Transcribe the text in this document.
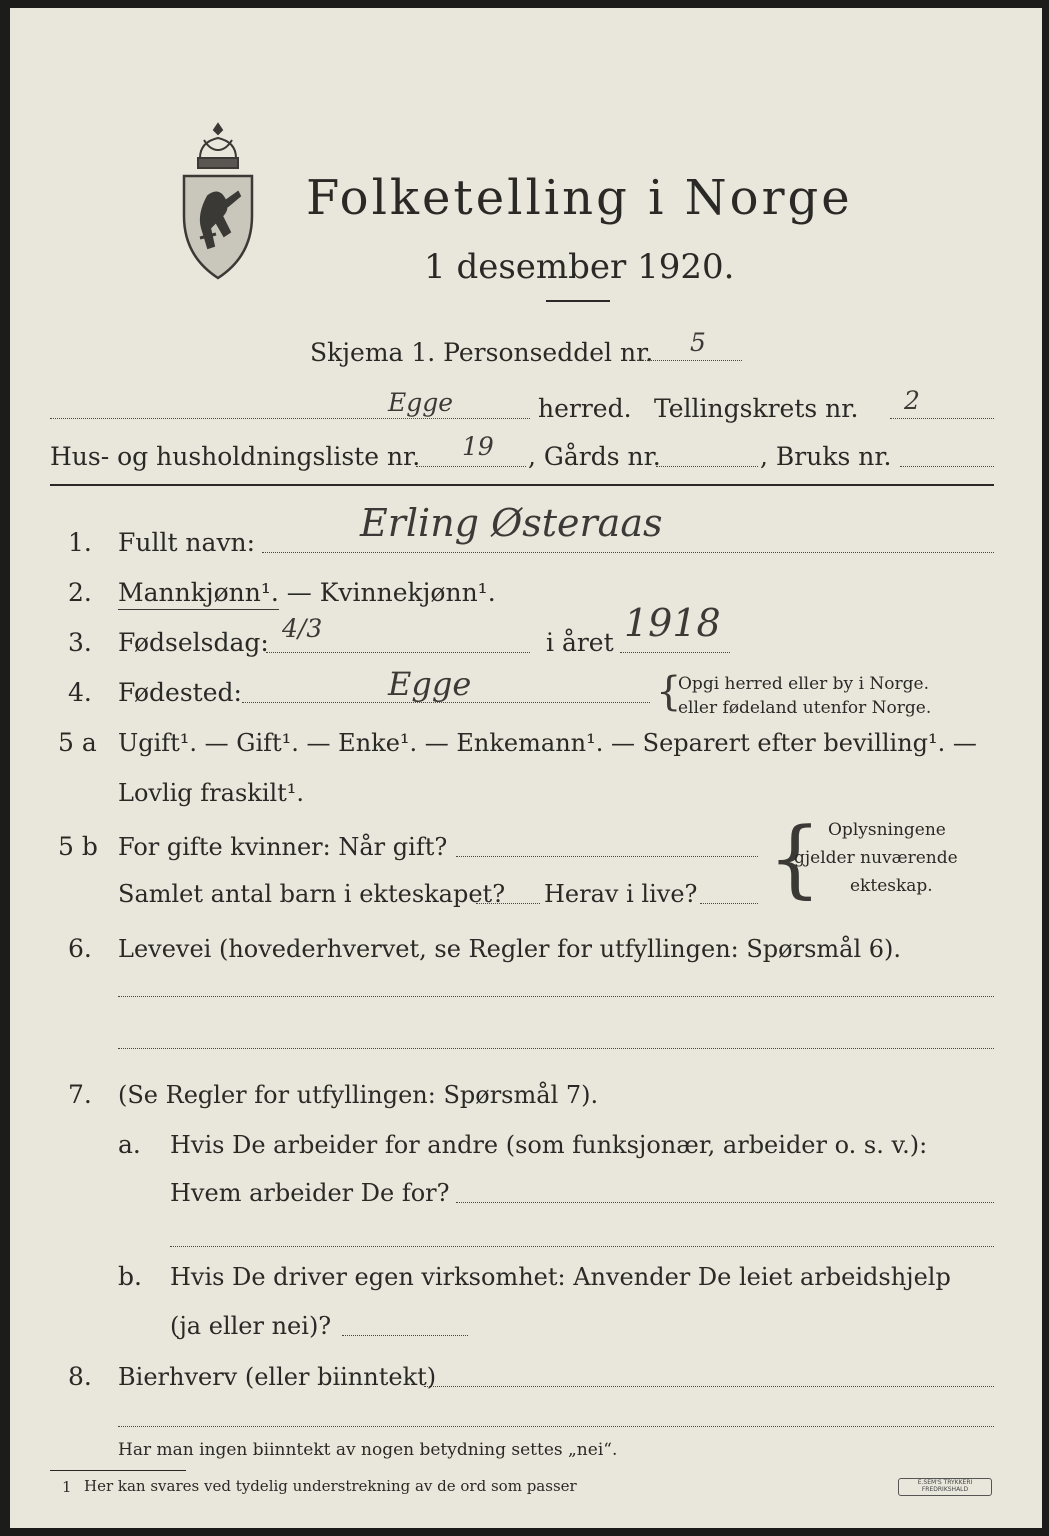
Folketelling i Norge
1 desember 1920.
Skjema 1. Personseddel nr. 5
Egge	herred. Tellingskrets nr. 2
Hus- og husholdningsliste nr. 19 , Gårds nr.	, Bruks nr.
1. Fullt navn:	Erling Østeraas
2. Mannkjønn¹. — Kvinnekjønn¹.
3. Fødselsdag: 4/3	i året 1918
4. Fødested:	Egge	{
Opgi herred eller by i Norge.
eller fødeland utenfor Norge.
5 a Ugift¹. — Gift¹. — Enke¹. — Enkemann¹. — Separert efter bevilling¹. —
Lovlig fraskilt¹.
5 b For gifte kvinner: Når gift?
Samlet antal barn i ekteskapet? Herav i live? { Oplysningene
gjelder nuværende
ekteskap.
6. Levevei (hovederhvervet, se Regler for utfyllingen: Spørsmål 6).
7. (Se Regler for utfyllingen: Spørsmål 7).
a. Hvis De arbeider for andre (som funksjonær, arbeider o. s. v.):
Hvem arbeider De for?
b. Hvis De driver egen virksomhet: Anvender De leiet arbeidshjelp
(ja eller nei)?
8. Bierhverv (eller biinntekt)
Har man ingen biinntekt av nogen betydning settes „nei“.
1 Her kan svares ved tydelig understrekning av de ord som passer	E.SEM'S TRYKKERI
FREDRIKSHALD
